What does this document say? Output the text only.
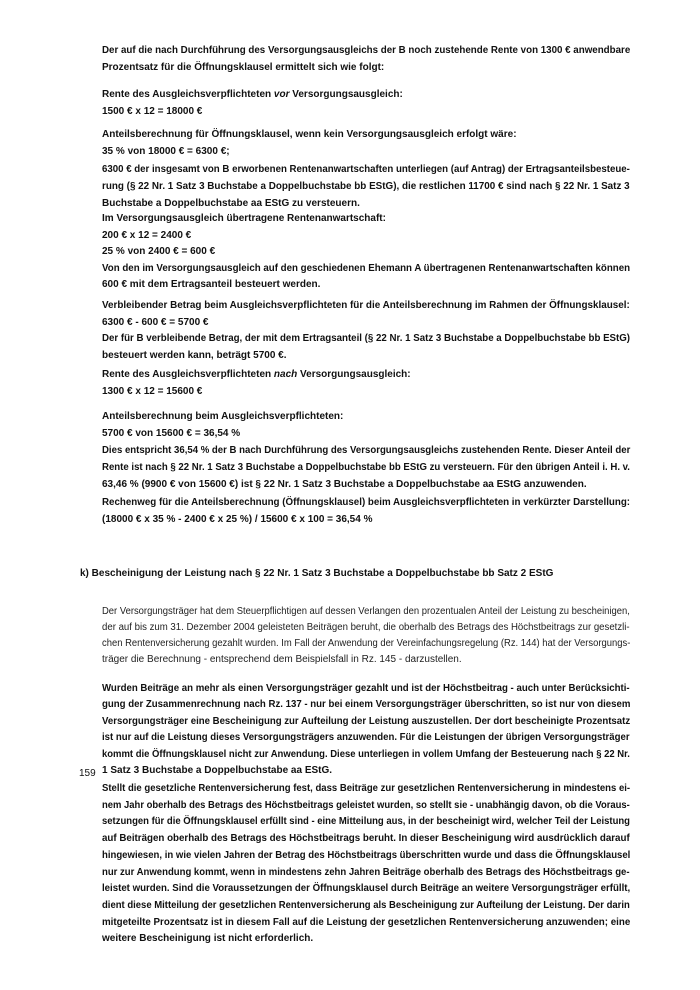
k) Bescheinigung der Leistung nach § 22 Nr. 1 Satz 3 Buchstabe a Doppelbuchstabe bb Satz 2 EStG
159
Der auf die nach Durchführung des Versorgungsausgleichs der B noch zustehende Rente von 1300 € anwendbare
Prozentsatz für die Öffnungsklausel ermittelt sich wie folgt:
Rente des Ausgleichsverpflichteten vor Versorgungsausgleich:
1500 € x 12 = 18000 €
Anteilsberechnung für Öffnungsklausel, wenn kein Versorgungsausgleich erfolgt wäre:
35 % von 18000 € = 6300 €;
6300 € der insgesamt von B erworbenen Rentenanwartschaften unterliegen (auf Antrag) der Ertragsanteilsbesteue-
rung (§ 22 Nr. 1 Satz 3 Buchstabe a Doppelbuchstabe bb EStG), die restlichen 11700 € sind nach § 22 Nr. 1 Satz 3
Buchstabe a Doppelbuchstabe aa EStG zu versteuern.
Im Versorgungsausgleich übertragene Rentenanwartschaft:
200 € x 12 = 2400 €
25 % von 2400 € = 600 €
Von den im Versorgungsausgleich auf den geschiedenen Ehemann A übertragenen Rentenanwartschaften können
600 € mit dem Ertragsanteil besteuert werden.
Verbleibender Betrag beim Ausgleichsverpflichteten für die Anteilsberechnung im Rahmen der Öffnungsklausel:
6300 € - 600 € = 5700 €
Der für B verbleibende Betrag, der mit dem Ertragsanteil (§ 22 Nr. 1 Satz 3 Buchstabe a Doppelbuchstabe bb EStG)
besteuert werden kann, beträgt 5700 €.
Rente des Ausgleichsverpflichteten nach Versorgungsausgleich:
1300 € x 12 = 15600 €
Anteilsberechnung beim Ausgleichsverpflichteten:
5700 € von 15600 € = 36,54 %
Dies entspricht 36,54 % der B nach Durchführung des Versorgungsausgleichs zustehenden Rente. Dieser Anteil der
Rente ist nach § 22 Nr. 1 Satz 3 Buchstabe a Doppelbuchstabe bb EStG zu versteuern. Für den übrigen Anteil i. H. v.
63,46 % (9900 € von 15600 €) ist § 22 Nr. 1 Satz 3 Buchstabe a Doppelbuchstabe aa EStG anzuwenden.
Rechenweg für die Anteilsberechnung (Öffnungsklausel) beim Ausgleichsverpflichteten in verkürzter Darstellung:
(18000 € x 35 % - 2400 € x 25 %) / 15600 € x 100 = 36,54 %
Der Versorgungsträger hat dem Steuerpflichtigen auf dessen Verlangen den prozentualen Anteil der Leistung zu bescheinigen,
der auf bis zum 31. Dezember 2004 geleisteten Beiträgen beruht, die oberhalb des Betrags des Höchstbeitrags zur gesetzli-
chen Rentenversicherung gezahlt wurden. Im Fall der Anwendung der Vereinfachungsregelung (Rz. 144) hat der Versorgungs-
träger die Berechnung - entsprechend dem Beispielsfall in Rz. 145 - darzustellen.
Wurden Beiträge an mehr als einen Versorgungsträger gezahlt und ist der Höchstbeitrag - auch unter Berücksichti-
gung der Zusammenrechnung nach Rz. 137 - nur bei einem Versorgungsträger überschritten, so ist nur von diesem
Versorgungsträger eine Bescheinigung zur Aufteilung der Leistung auszustellen. Der dort bescheinigte Prozentsatz
ist nur auf die Leistung dieses Versorgungsträgers anzuwenden. Für die Leistungen der übrigen Versorgungsträger
kommt die Öffnungsklausel nicht zur Anwendung. Diese unterliegen in vollem Umfang der Besteuerung nach § 22 Nr.
1 Satz 3 Buchstabe a Doppelbuchstabe aa EStG.
Stellt die gesetzliche Rentenversicherung fest, dass Beiträge zur gesetzlichen Rentenversicherung in mindestens ei-
nem Jahr oberhalb des Betrags des Höchstbeitrags geleistet wurden, so stellt sie - unabhängig davon, ob die Voraus-
setzungen für die Öffnungsklausel erfüllt sind - eine Mitteilung aus, in der bescheinigt wird, welcher Teil der Leistung
auf Beiträgen oberhalb des Betrags des Höchstbeitrags beruht. In dieser Bescheinigung wird ausdrücklich darauf
hingewiesen, in wie vielen Jahren der Betrag des Höchstbeitrags überschritten wurde und dass die Öffnungsklausel
nur zur Anwendung kommt, wenn in mindestens zehn Jahren Beiträge oberhalb des Betrags des Höchstbeitrags ge-
leistet wurden. Sind die Voraussetzungen der Öffnungsklausel durch Beiträge an weitere Versorgungsträger erfüllt,
dient diese Mitteilung der gesetzlichen Rentenversicherung als Bescheinigung zur Aufteilung der Leistung. Der darin
mitgeteilte Prozentsatz ist in diesem Fall auf die Leistung der gesetzlichen Rentenversicherung anzuwenden; eine
weitere Bescheinigung ist nicht erforderlich.
